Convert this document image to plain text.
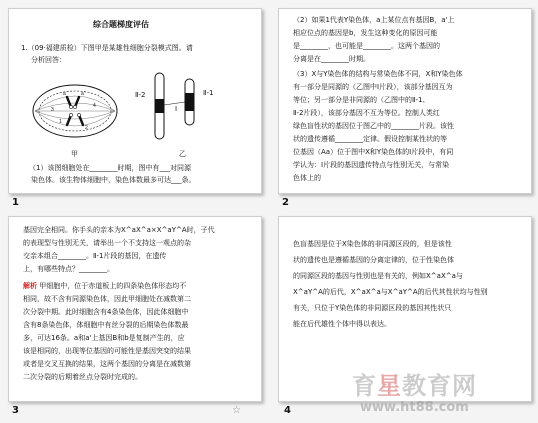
综合题梯度评估
1.（09·福建质检）下图甲是某雄性细胞分裂模式图。请
分析回答：
a	a'
1
2
3
4
甲
Ⅱ-2	Ⅱ-1
Ⅰ
乙
（1）该图细胞处在________时期，图中有___对同源
染色体。该生物体细胞中，染色体数最多可达___条。
1
（2）如果1代表Y染色体，a上某位点有基因B，a'上
相应位点的基因是b，发生这种变化的原因可能
是________，也可能是________。这两个基因的
分离是在________时期。
（3）X与Y染色体的结构与常染色体不同，X和Y染色体
有一部分是同源的（乙图中Ⅰ片段），该部分基因互为
等位；另一部分是非同源的（乙图中的Ⅱ-1、
Ⅱ-2片段），该部分基因不互为等位。控制人类红
绿色盲性状的基因位于图乙中的________片段。该性
状的遗传遵循________定律。假设控制某性状的等
位基因（Aa）位于图中X和Y染色体的Ⅰ片段中，有同
学认为：Ⅰ片段的基因遗传特点与性别无关，与常染
色体上的
2
基因完全相同。你手头的亲本为X^aX^a×X^aY^A时，子代
的表现型与性别无关，请举出一个不支持这一观点的杂
交亲本组合________。Ⅱ-1片段的基因，在遗传
上，有哪些特点？________。
解析 甲细胞中，位于赤道板上的四条染色体形态均不
相同，故不含有同源染色体，因此甲细胞处在减数第二
次分裂中期。此时细胞含有4条染色体，因此体细胞中
含有8条染色体，体细胞中有丝分裂的后期染色体数最
多，可达16条。a和a'上基因B和b是复制产生的，应
该是相同的，出现等位基因的可能性是基因突变的结果
或者是交叉互换的结果，这两个基因的分离是在减数第
二次分裂的后期着丝点分裂时完成的。
3	☆
色盲基因是位于X染色体的非同源区段的，但是该性
状的遗传也是遵循基因的分离定律的，位于性染色体
的同源区段的基因与性别也是有关的，例如X^aX^a与
X^aY^A的后代，X^aX^a与X^aY^A的后代其性状均与性别
有关，只位于Y染色体的非同源区段的基因其性状只
能在后代雄性个体中得以表达。
4
育星教育网
www.ht88.com
